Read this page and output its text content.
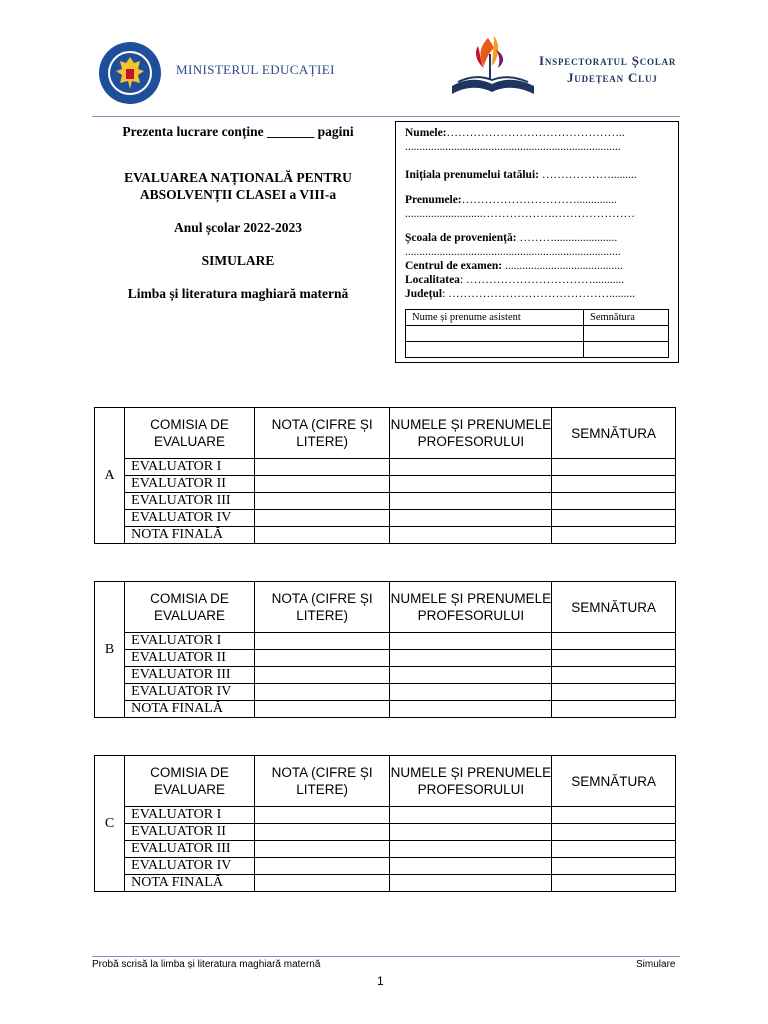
MINISTERUL EDUCAȚIEI
Inspectoratul Școlar
Județean Cluj
Prezenta lucrare conține _______ pagini
EVALUAREA NAȚIONALĂ PENTRU
ABSOLVENȚII CLASEI a VIII-a
Anul școlar 2022-2023
SIMULARE
Limba și literatura maghiară maternă
Numele:………………………………………..
...........................................................................
Inițiala prenumelui tatălui: ……………….........
Prenumele:…………………………..............
...........................……………….…………………
Școala de proveniență: ………......................
...........................................................................
Centrul de examen: .........................................
Localitatea: ……………………………...........
Județul: …………………………………….........
Nume și prenume asistent	Semnătura

A	COMISIA DE EVALUARE	NOTA (CIFRE ȘI LITERE)	NUMELE ȘI PRENUMELE PROFESORULUI	SEMNĂTURA
	EVALUATOR I			
	EVALUATOR II			
	EVALUATOR III			
	EVALUATOR IV			
	NOTA FINALĂ			
B	COMISIA DE EVALUARE	NOTA (CIFRE ȘI LITERE)	NUMELE ȘI PRENUMELE PROFESORULUI	SEMNĂTURA
	EVALUATOR I			
	EVALUATOR II			
	EVALUATOR III			
	EVALUATOR IV			
	NOTA FINALĂ			
C	COMISIA DE EVALUARE	NOTA (CIFRE ȘI LITERE)	NUMELE ȘI PRENUMELE PROFESORULUI	SEMNĂTURA
	EVALUATOR I			
	EVALUATOR II			
	EVALUATOR III			
	EVALUATOR IV			
	NOTA FINALĂ			
Probă scrisă la limba și literatura maghiară maternă	Simulare
1
